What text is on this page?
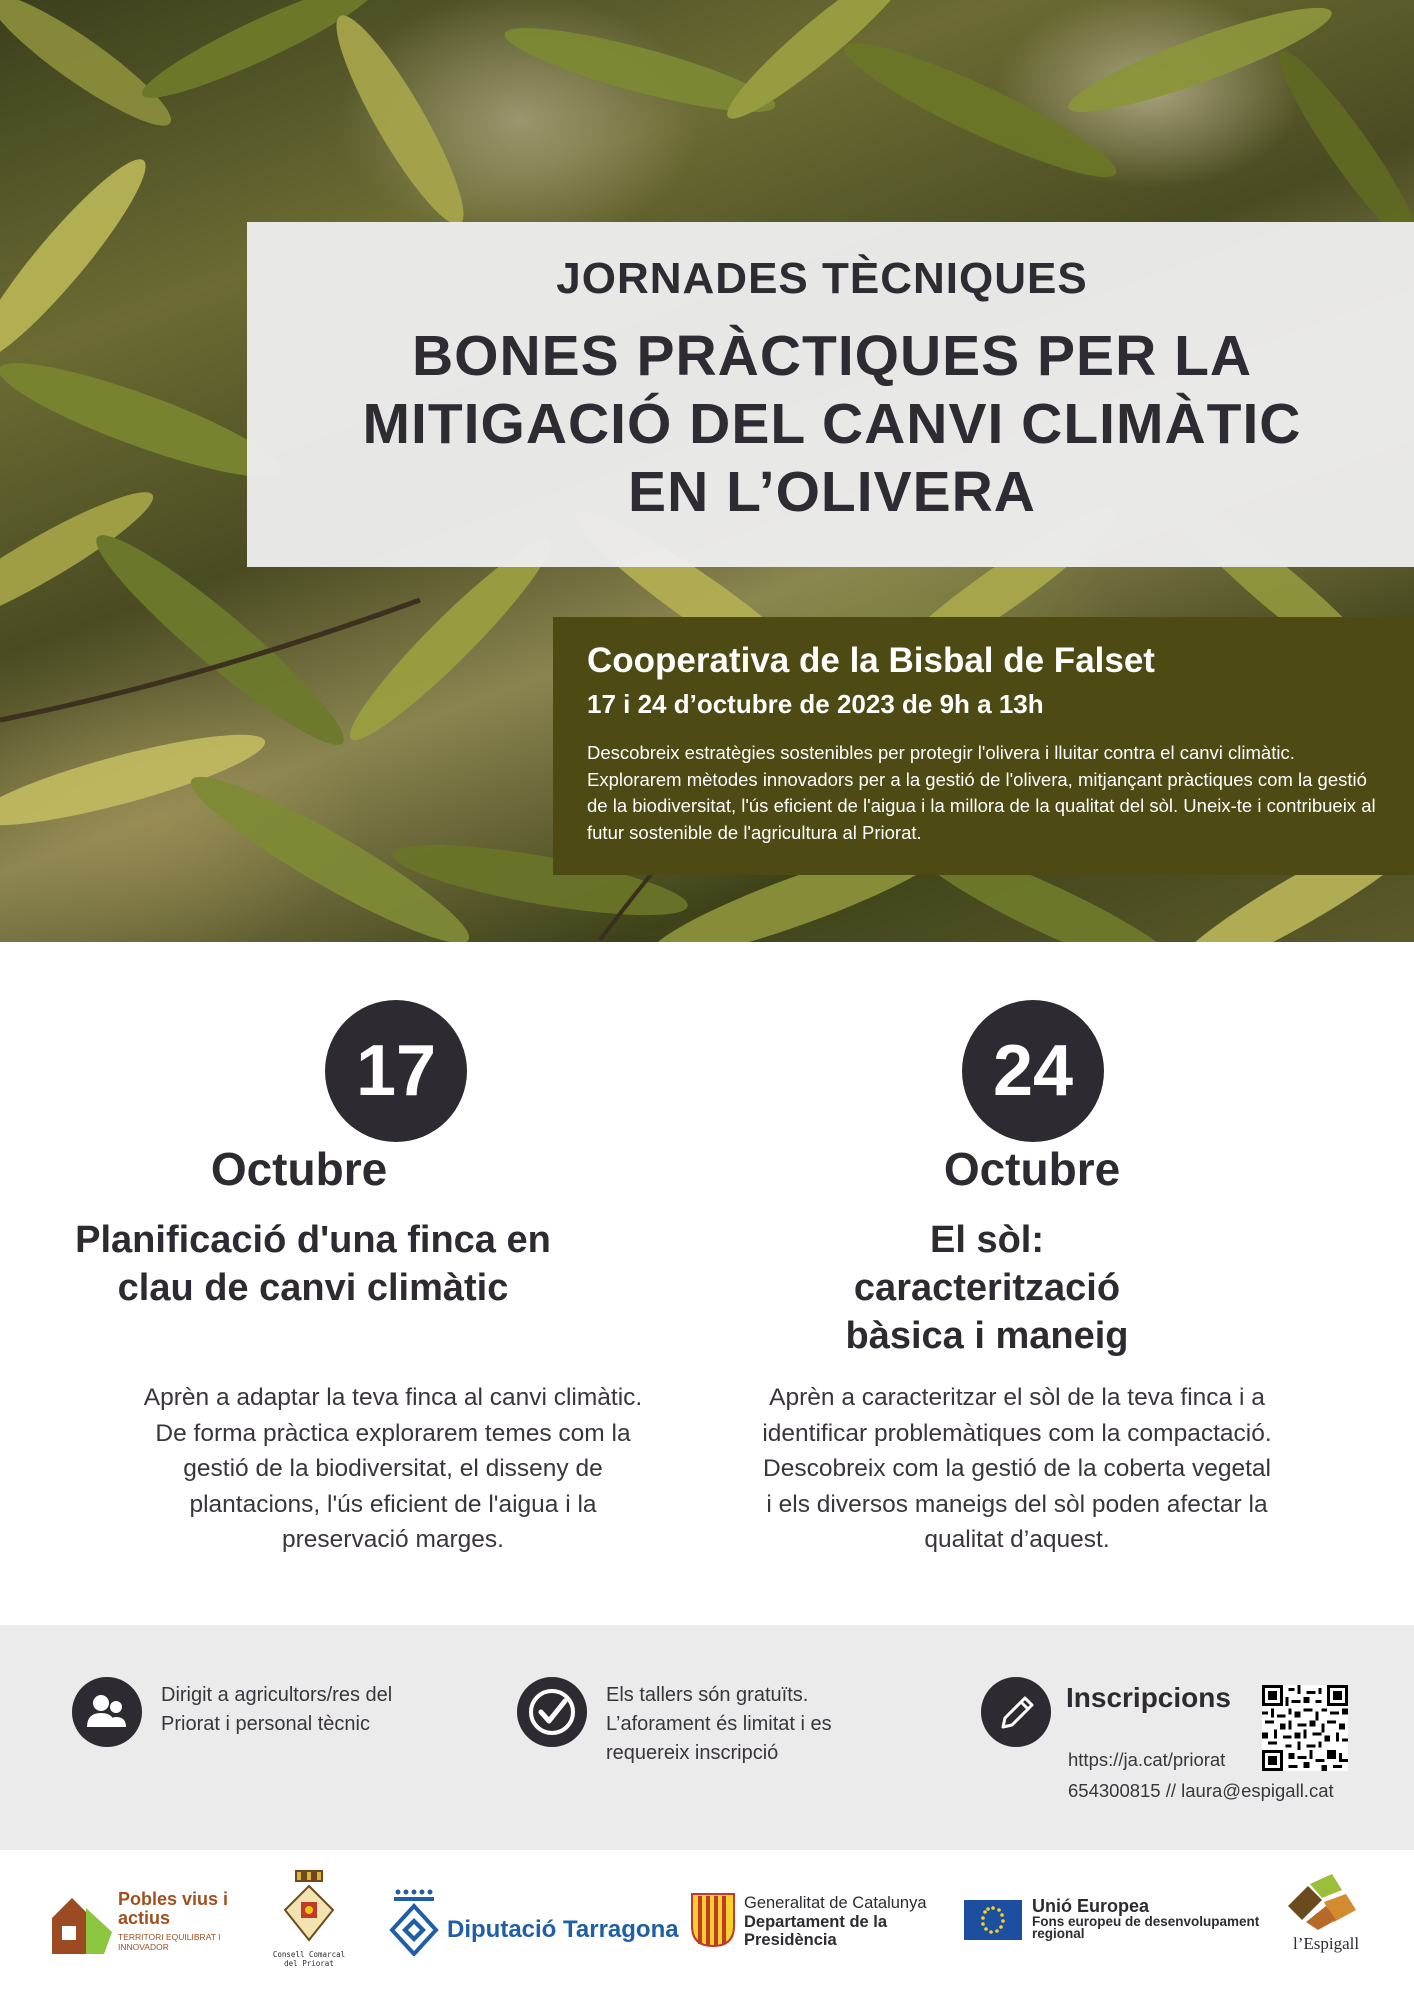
JORNADES TÈCNIQUES
BONES PRÀCTIQUES PER LA MITIGACIÓ DEL CANVI CLIMÀTIC EN L’OLIVERA
Cooperativa de la Bisbal de Falset
17 i 24 d’octubre de 2023 de 9h a 13h
Descobreix estratègies sostenibles per protegir l'olivera i lluitar contra el canvi climàtic. Explorarem mètodes innovadors per a la gestió de l'olivera, mitjançant pràctiques com la gestió de la biodiversitat, l'ús eficient de l'aigua i la millora de la qualitat del sòl. Uneix-te i contribueix al futur sostenible de l'agricultura al Priorat.
17
Octubre
Planificació d'una finca en clau de canvi climàtic
Aprèn a adaptar la teva finca al canvi climàtic. De forma pràctica explorarem temes com la gestió de la biodiversitat, el disseny de plantacions, l'ús eficient de l'aigua i la preservació marges.
24
Octubre
El sòl: caracterització bàsica i maneig
Aprèn a caracteritzar el sòl de la teva finca i a identificar problemàtiques com la compactació. Descobreix com la gestió de la coberta vegetal i els diversos maneigs del sòl poden afectar la qualitat d’aquest.
Dirigit a agricultors/res del Priorat i personal tècnic
Els tallers són gratuïts. L’aforament és limitat i es requereix inscripció
Inscripcions
https://ja.cat/priorat
654300815 // laura@espigall.cat
Pobles vius i actius
TERRITORI EQUILIBRAT I INNOVADOR
Consell Comarcal del Priorat
Diputació Tarragona
Generalitat de Catalunya
Departament de la Presidència
Unió Europea
Fons europeu de desenvolupament regional
l’Espigall
